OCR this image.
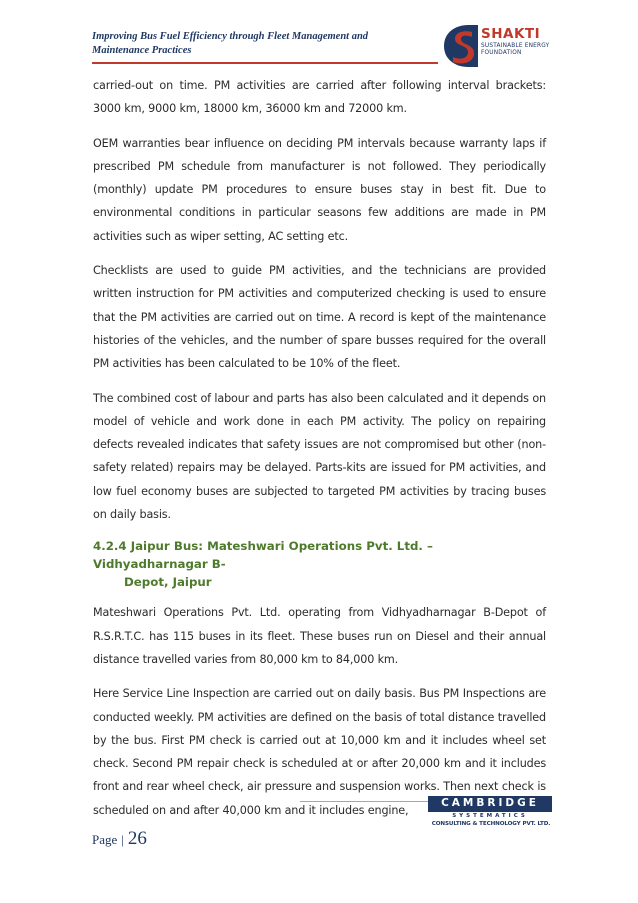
Improving Bus Fuel Efficiency through Fleet Management and
Maintenance Practices
SHAKTI
SUSTAINABLE ENERGY
FOUNDATION

carried-out on time. PM activities are carried after following interval brackets: 3000 km, 9000 km, 18000 km, 36000 km and 72000 km.

OEM warranties bear influence on deciding PM intervals because warranty laps if prescribed PM schedule from manufacturer is not followed. They periodically (monthly) update PM procedures to ensure buses stay in best fit. Due to environmental conditions in particular seasons few additions are made in PM activities such as wiper setting, AC setting etc.

Checklists are used to guide PM activities, and the technicians are provided written instruction for PM activities and computerized checking is used to ensure that the PM activities are carried out on time. A record is kept of the maintenance histories of the vehicles, and the number of spare busses required for the overall PM activities has been calculated to be 10% of the fleet.

The combined cost of labour and parts has also been calculated and it depends on model of vehicle and work done in each PM activity. The policy on repairing defects revealed indicates that safety issues are not compromised but other (non-safety related) repairs may be delayed. Parts-kits are issued for PM activities, and low fuel economy buses are subjected to targeted PM activities by tracing buses on daily basis.

4.2.4 Jaipur Bus: Mateshwari Operations Pvt. Ltd. – Vidhyadharnagar B-
Depot, Jaipur

Mateshwari Operations Pvt. Ltd. operating from Vidhyadharnagar B-Depot of R.S.R.T.C. has 115 buses in its fleet. These buses run on Diesel and their annual distance travelled varies from 80,000 km to 84,000 km.

Here Service Line Inspection are carried out on daily basis. Bus PM Inspections are conducted weekly. PM activities are defined on the basis of total distance travelled by the bus. First PM check is carried out at 10,000 km and it includes wheel set check. Second PM repair check is scheduled at or after 20,000 km and it includes front and rear wheel check, air pressure and suspension works. Then next check is scheduled on and after 40,000 km and it includes engine,

CAMBRIDGE
SYSTEMATICS
CONSULTING & TECHNOLOGY PVT. LTD.
Page | 26
